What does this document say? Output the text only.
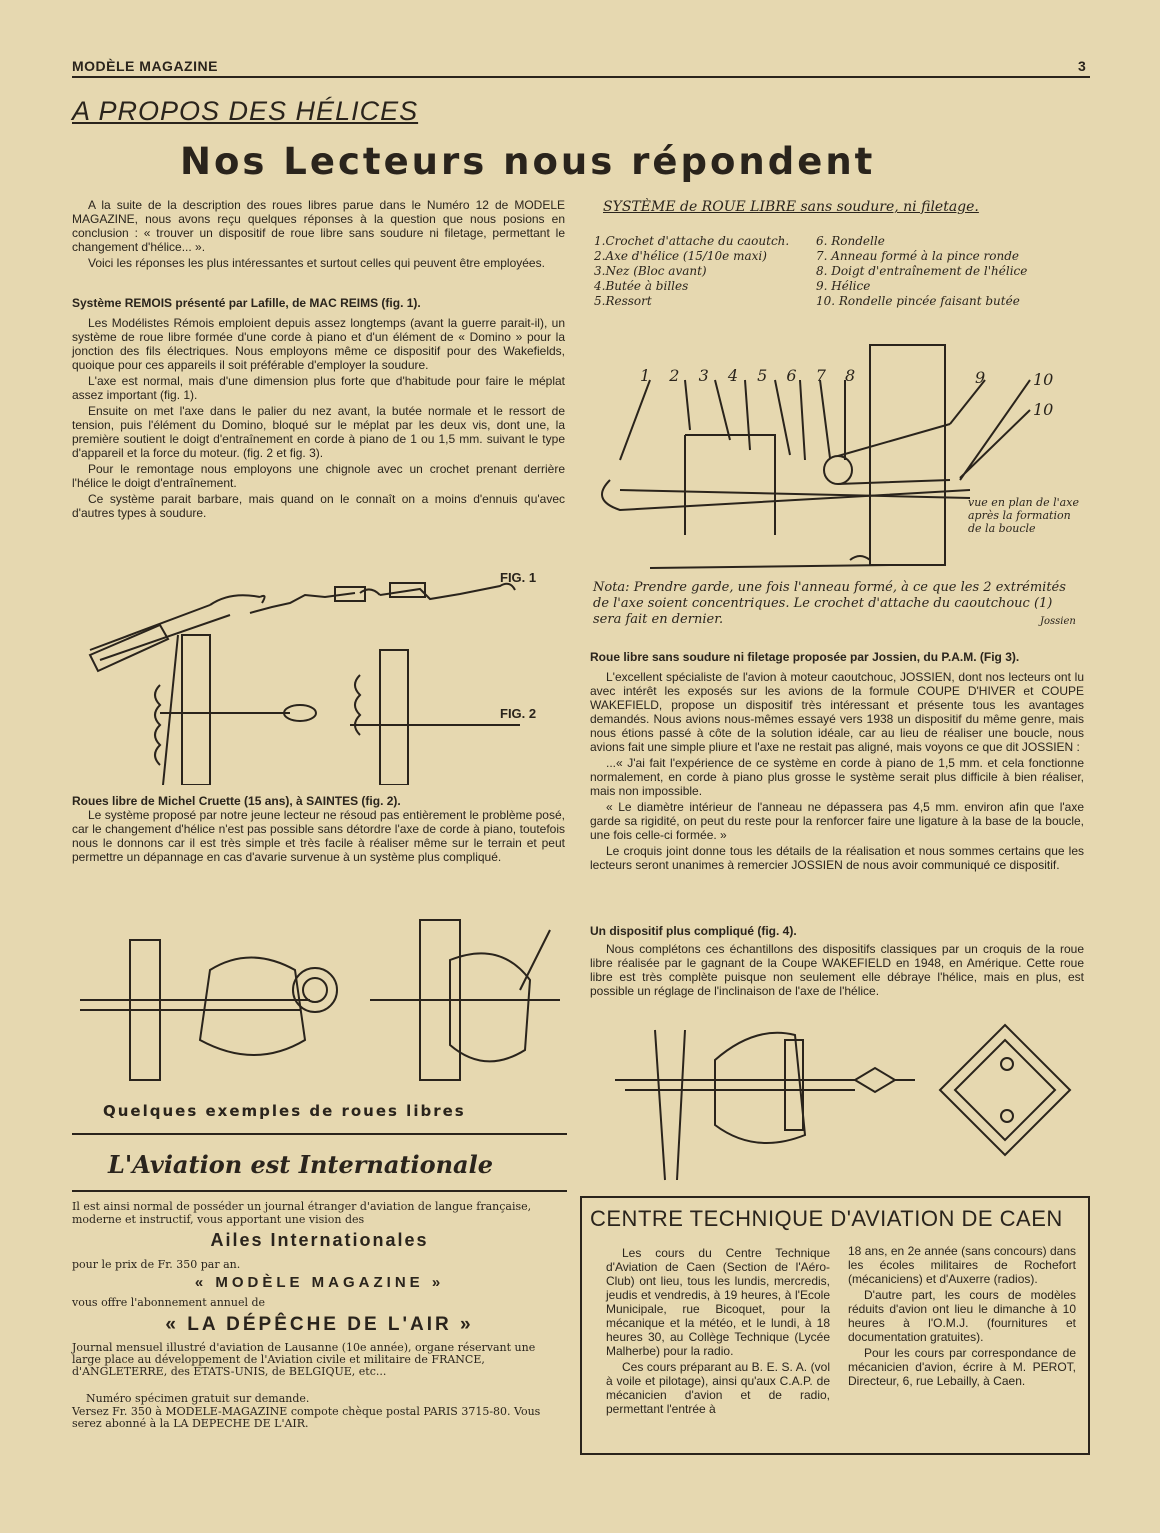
MODÈLE MAGAZINE	3
A PROPOS DES HÉLICES
Nos Lecteurs nous répondent

A la suite de la description des roues libres parue dans le Numéro 12 de MODELE MAGAZINE, nous avons reçu quelques réponses à la question que nous posions en conclusion : « trouver un dispositif de roue libre sans soudure ni filetage, permettant le changement d'hélice... ».

Voici les réponses les plus intéressantes et surtout celles qui peuvent être employées.

Système REMOIS présenté par Lafille, de MAC REIMS (fig. 1).

Les Modélistes Rémois emploient depuis assez longtemps (avant la guerre parait-il), un système de roue libre formée d'une corde à piano et d'un élément de « Domino » pour la jonction des fils électriques. Nous employons même ce dispositif pour des Wakefields, quoique pour ces appareils il soit préférable d'employer la soudure.

L'axe est normal, mais d'une dimension plus forte que d'habitude pour faire le méplat assez important (fig. 1).

Ensuite on met l'axe dans le palier du nez avant, la butée normale et le ressort de tension, puis l'élément du Domino, bloqué sur le méplat par les deux vis, dont une, la première soutient le doigt d'entraînement en corde à piano de 1 ou 1,5 mm. suivant le type d'appareil et la force du moteur. (fig. 2 et fig. 3).

Pour le remontage nous employons une chignole avec un crochet prenant derrière l'hélice le doigt d'entraînement.

Ce système parait barbare, mais quand on le connaît on a moins d'ennuis qu'avec d'autres types à soudure.

FIG. 1
FIG. 2
Roues libre de Michel Cruette (15 ans), à SAINTES (fig. 2).

Le système proposé par notre jeune lecteur ne résoud pas entièrement le problème posé, car le changement d'hélice n'est pas possible sans détordre l'axe de corde à piano, toutefois nous le donnons car il est très simple et très facile à réaliser même sur le terrain et peut permettre un dépannage en cas d'avarie survenue à un système plus compliqué.

Quelques exemples de roues libres
SYSTÈME de ROUE LIBRE sans soudure, ni filetage.
1.Crochet d'attache du caoutch.
2.Axe d'hélice (15/10e maxi)
3.Nez (Bloc avant)
4.Butée à billes
5.Ressort
6. Rondelle
7. Anneau formé à la pince ronde
8. Doigt d'entraînement de l'hélice
9. Hélice
10. Rondelle pincée faisant butée
1 2 3 4 5 6 7 8	9	10
10
vue en plan de l'axe après la formation de la boucle
Nota: Prendre garde, une fois l'anneau formé, à ce que les 2 extrémités de l'axe soient concentriques. Le crochet d'attache du caoutchouc (1) sera fait en dernier.	Jossien
Roue libre sans soudure ni filetage proposée par Jossien, du P.A.M. (Fig 3).

L'excellent spécialiste de l'avion à moteur caoutchouc, JOSSIEN, dont nos lecteurs ont lu avec intérêt les exposés sur les avions de la formule COUPE D'HIVER et COUPE WAKEFIELD, propose un dispositif très intéressant et présente tous les avantages demandés. Nous avions nous-mêmes essayé vers 1938 un dispositif du même genre, mais nous étions passé à côte de la solution idéale, car au lieu de réaliser une boucle, nous avions fait une simple pliure et l'axe ne restait pas aligné, mais voyons ce que dit JOSSIEN :

...« J'ai fait l'expérience de ce système en corde à piano de 1,5 mm. et cela fonctionne normalement, en corde à piano plus grosse le système serait plus difficile à bien réaliser, mais non impossible.

« Le diamètre intérieur de l'anneau ne dépassera pas 4,5 mm. environ afin que l'axe garde sa rigidité, on peut du reste pour la renforcer faire une ligature à la base de la boucle, une fois celle-ci formée. »

Le croquis joint donne tous les détails de la réalisation et nous sommes certains que les lecteurs seront unanimes à remercier JOSSIEN de nous avoir communiqué ce dispositif.

Un dispositif plus compliqué (fig. 4).

Nous complétons ces échantillons des dispositifs classiques par un croquis de la roue libre réalisée par le gagnant de la Coupe WAKEFIELD en 1948, en Amérique. Cette roue libre est très complète puisque non seulement elle débraye l'hélice, mais en plus, est possible un réglage de l'inclinaison de l'axe de l'hélice.

L'Aviation est Internationale
Il est ainsi normal de posséder un journal étranger d'aviation de langue française, moderne et instructif, vous apportant une vision des
Ailes Internationales
pour le prix de Fr. 350 par an.
« MODÈLE MAGAZINE »
vous offre l'abonnement annuel de
« LA DÉPÊCHE DE L'AIR »
Journal mensuel illustré d'aviation de Lausanne (10e année), organe réservant une large place au développement de l'Aviation civile et militaire de FRANCE, d'ANGLETERRE, des ETATS-UNIS, de BELGIQUE, etc...
Numéro spécimen gratuit sur demande.
Versez Fr. 350 à MODELE-MAGAZINE compote chèque postal PARIS 3715-80. Vous serez abonné à la LA DEPECHE DE L'AIR.
CENTRE TECHNIQUE D'AVIATION DE CAEN

Les cours du Centre Technique d'Aviation de Caen (Section de l'Aéro-Club) ont lieu, tous les lundis, mercredis, jeudis et vendredis, à 19 heures, à l'Ecole Municipale, rue Bicoquet, pour la mécanique et la météo, et le lundi, à 18 heures 30, au Collège Technique (Lycée Malherbe) pour la radio.

Ces cours préparant au B. E. S. A. (vol à voile et pilotage), ainsi qu'aux C.A.P. de mécanicien d'avion et de radio, permettant l'entrée à

18 ans, en 2e année (sans concours) dans les écoles militaires de Rochefort (mécaniciens) et d'Auxerre (radios).

D'autre part, les cours de modèles réduits d'avion ont lieu le dimanche à 10 heures à l'O.M.J. (fournitures et documentation gratuites).

Pour les cours par correspondance de mécanicien d'avion, écrire à M. PEROT, Directeur, 6, rue Lebailly, à Caen.
